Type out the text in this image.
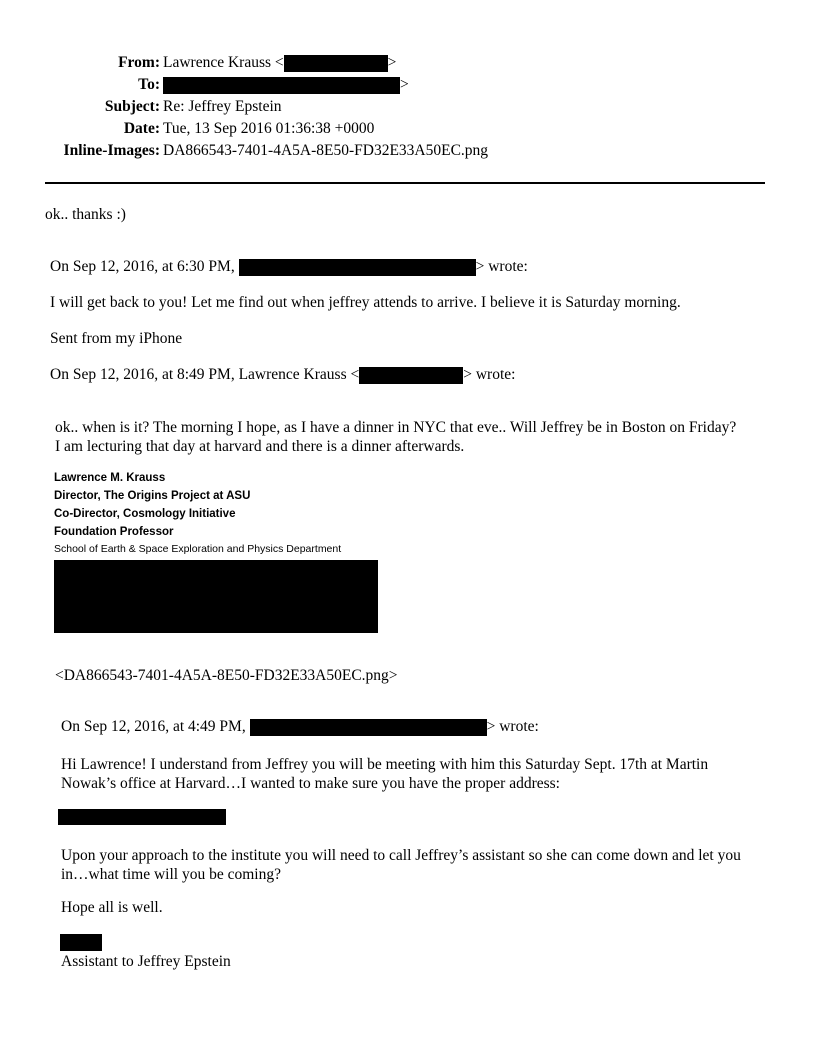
From: Lawrence Krauss <	>
To:	>
Subject: Re: Jeffrey Epstein
Date: Tue, 13 Sep 2016 01:36:38 +0000
Inline-Images: DA866543-7401-4A5A-8E50-FD32E33A50EC.png
ok.. thanks :)
On Sep 12, 2016, at 6:30 PM,	> wrote:
I will get back to you! Let me find out when jeffrey attends to arrive. I believe it is Saturday morning.
Sent from my iPhone
On Sep 12, 2016, at 8:49 PM, Lawrence Krauss <	> wrote:
ok.. when is it? The morning I hope, as I have a dinner in NYC that eve.. Will Jeffrey be in Boston on Friday? I am lecturing that day at harvard and there is a dinner afterwards.
Lawrence M. Krauss
Director, The Origins Project at ASU
Co-Director, Cosmology Initiative
Foundation Professor
School of Earth & Space Exploration and Physics Department
<DA866543-7401-4A5A-8E50-FD32E33A50EC.png>
On Sep 12, 2016, at 4:49 PM,	> wrote:
Hi Lawrence! I understand from Jeffrey you will be meeting with him this Saturday Sept. 17th at Martin Nowak’s office at Harvard…I wanted to make sure you have the proper address:
Upon your approach to the institute you will need to call Jeffrey’s assistant so she can come down and let you in…what time will you be coming?
Hope all is well.
Assistant to Jeffrey Epstein
